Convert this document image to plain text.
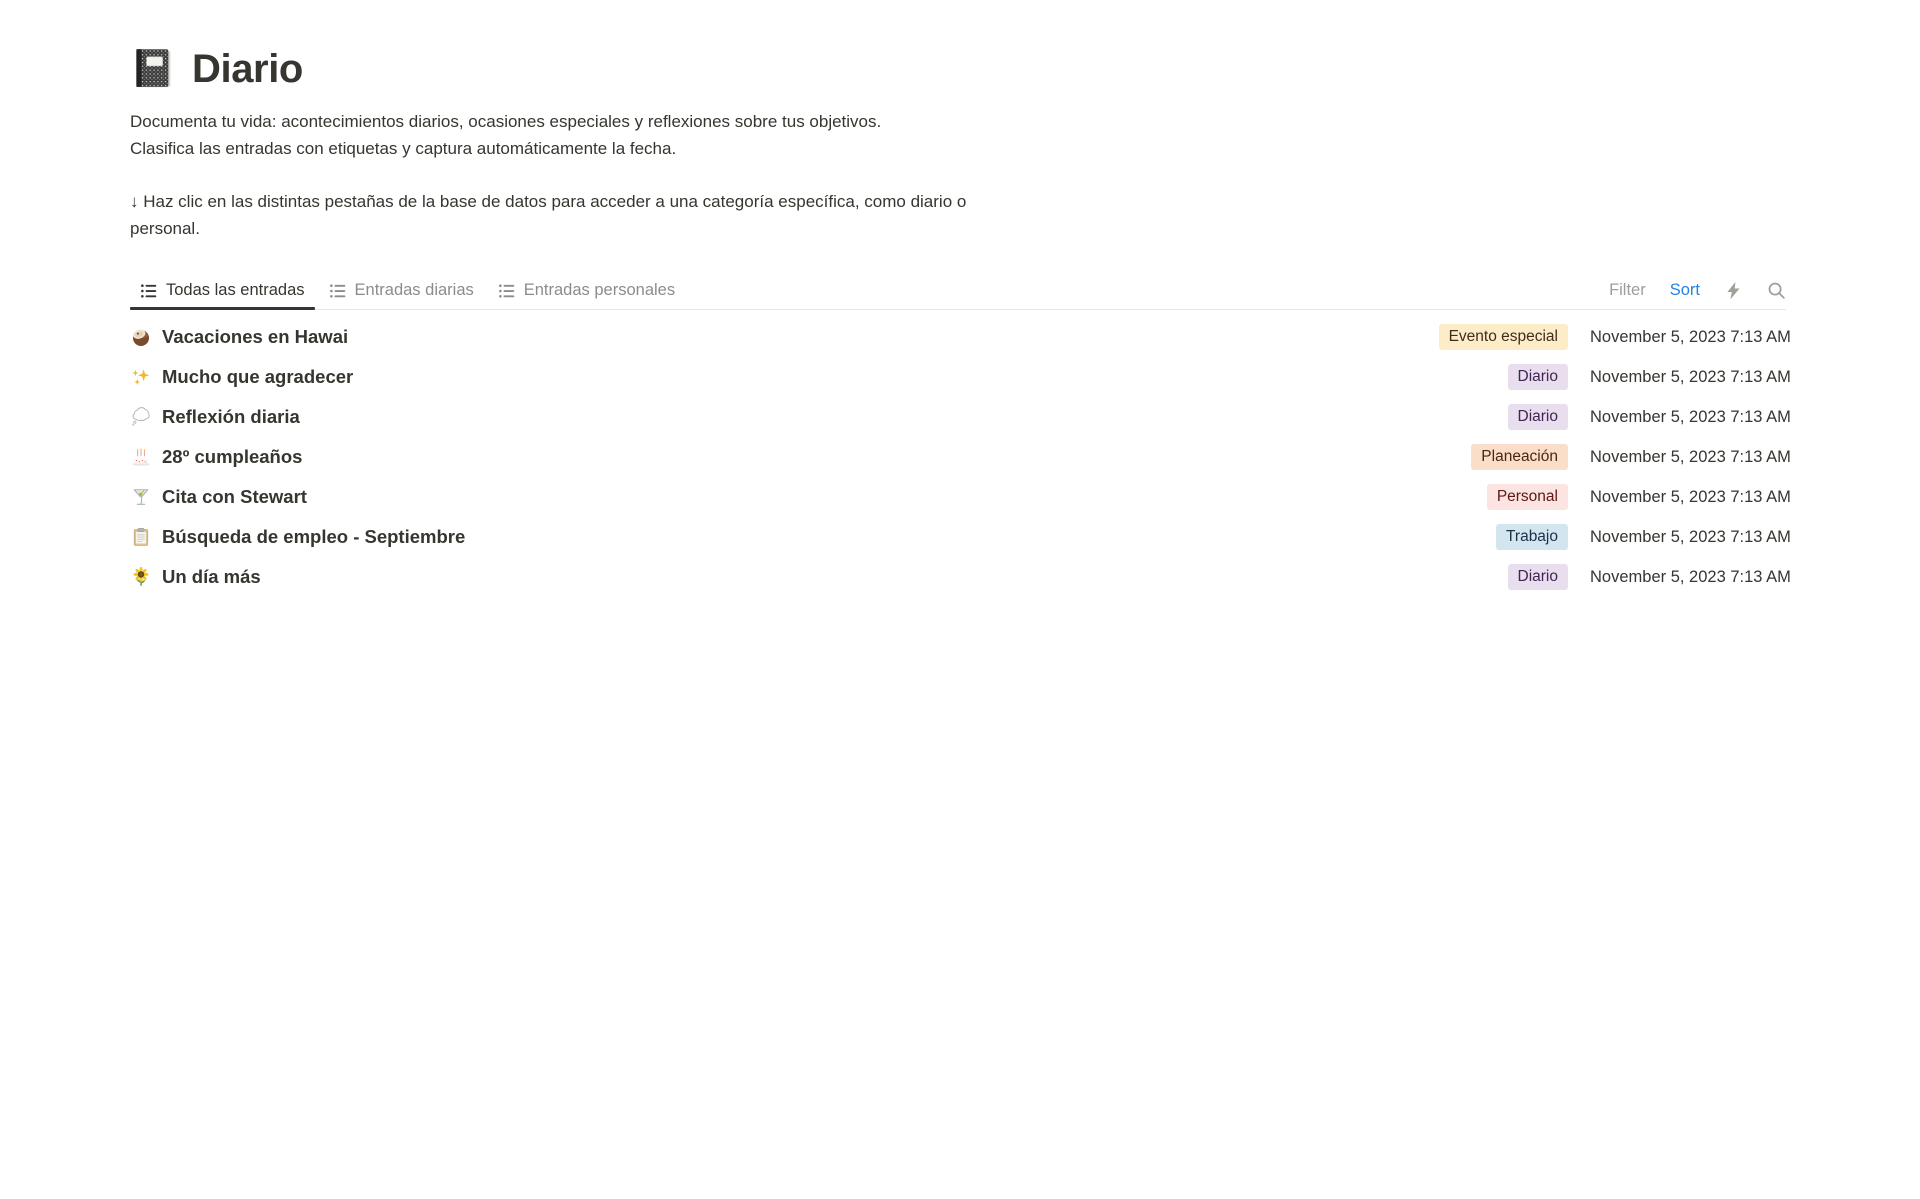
Diario
Documenta tu vida: acontecimientos diarios, ocasiones especiales y reflexiones sobre tus objetivos.
Clasifica las entradas con etiquetas y captura automáticamente la fecha.
↓ Haz clic en las distintas pestañas de la base de datos para acceder a una categoría específica, como diario o
personal.
Todas las entradas	Entradas diarias	Entradas personales	Filter Sort
Vacaciones en Hawai	Evento especial	November 5, 2023 7:13 AM
Mucho que agradecer	Diario	November 5, 2023 7:13 AM
Reflexión diaria	Diario	November 5, 2023 7:13 AM
28º cumpleaños	Planeación	November 5, 2023 7:13 AM
Cita con Stewart	Personal	November 5, 2023 7:13 AM
Búsqueda de empleo - Septiembre	Trabajo	November 5, 2023 7:13 AM
Un día más	Diario	November 5, 2023 7:13 AM
